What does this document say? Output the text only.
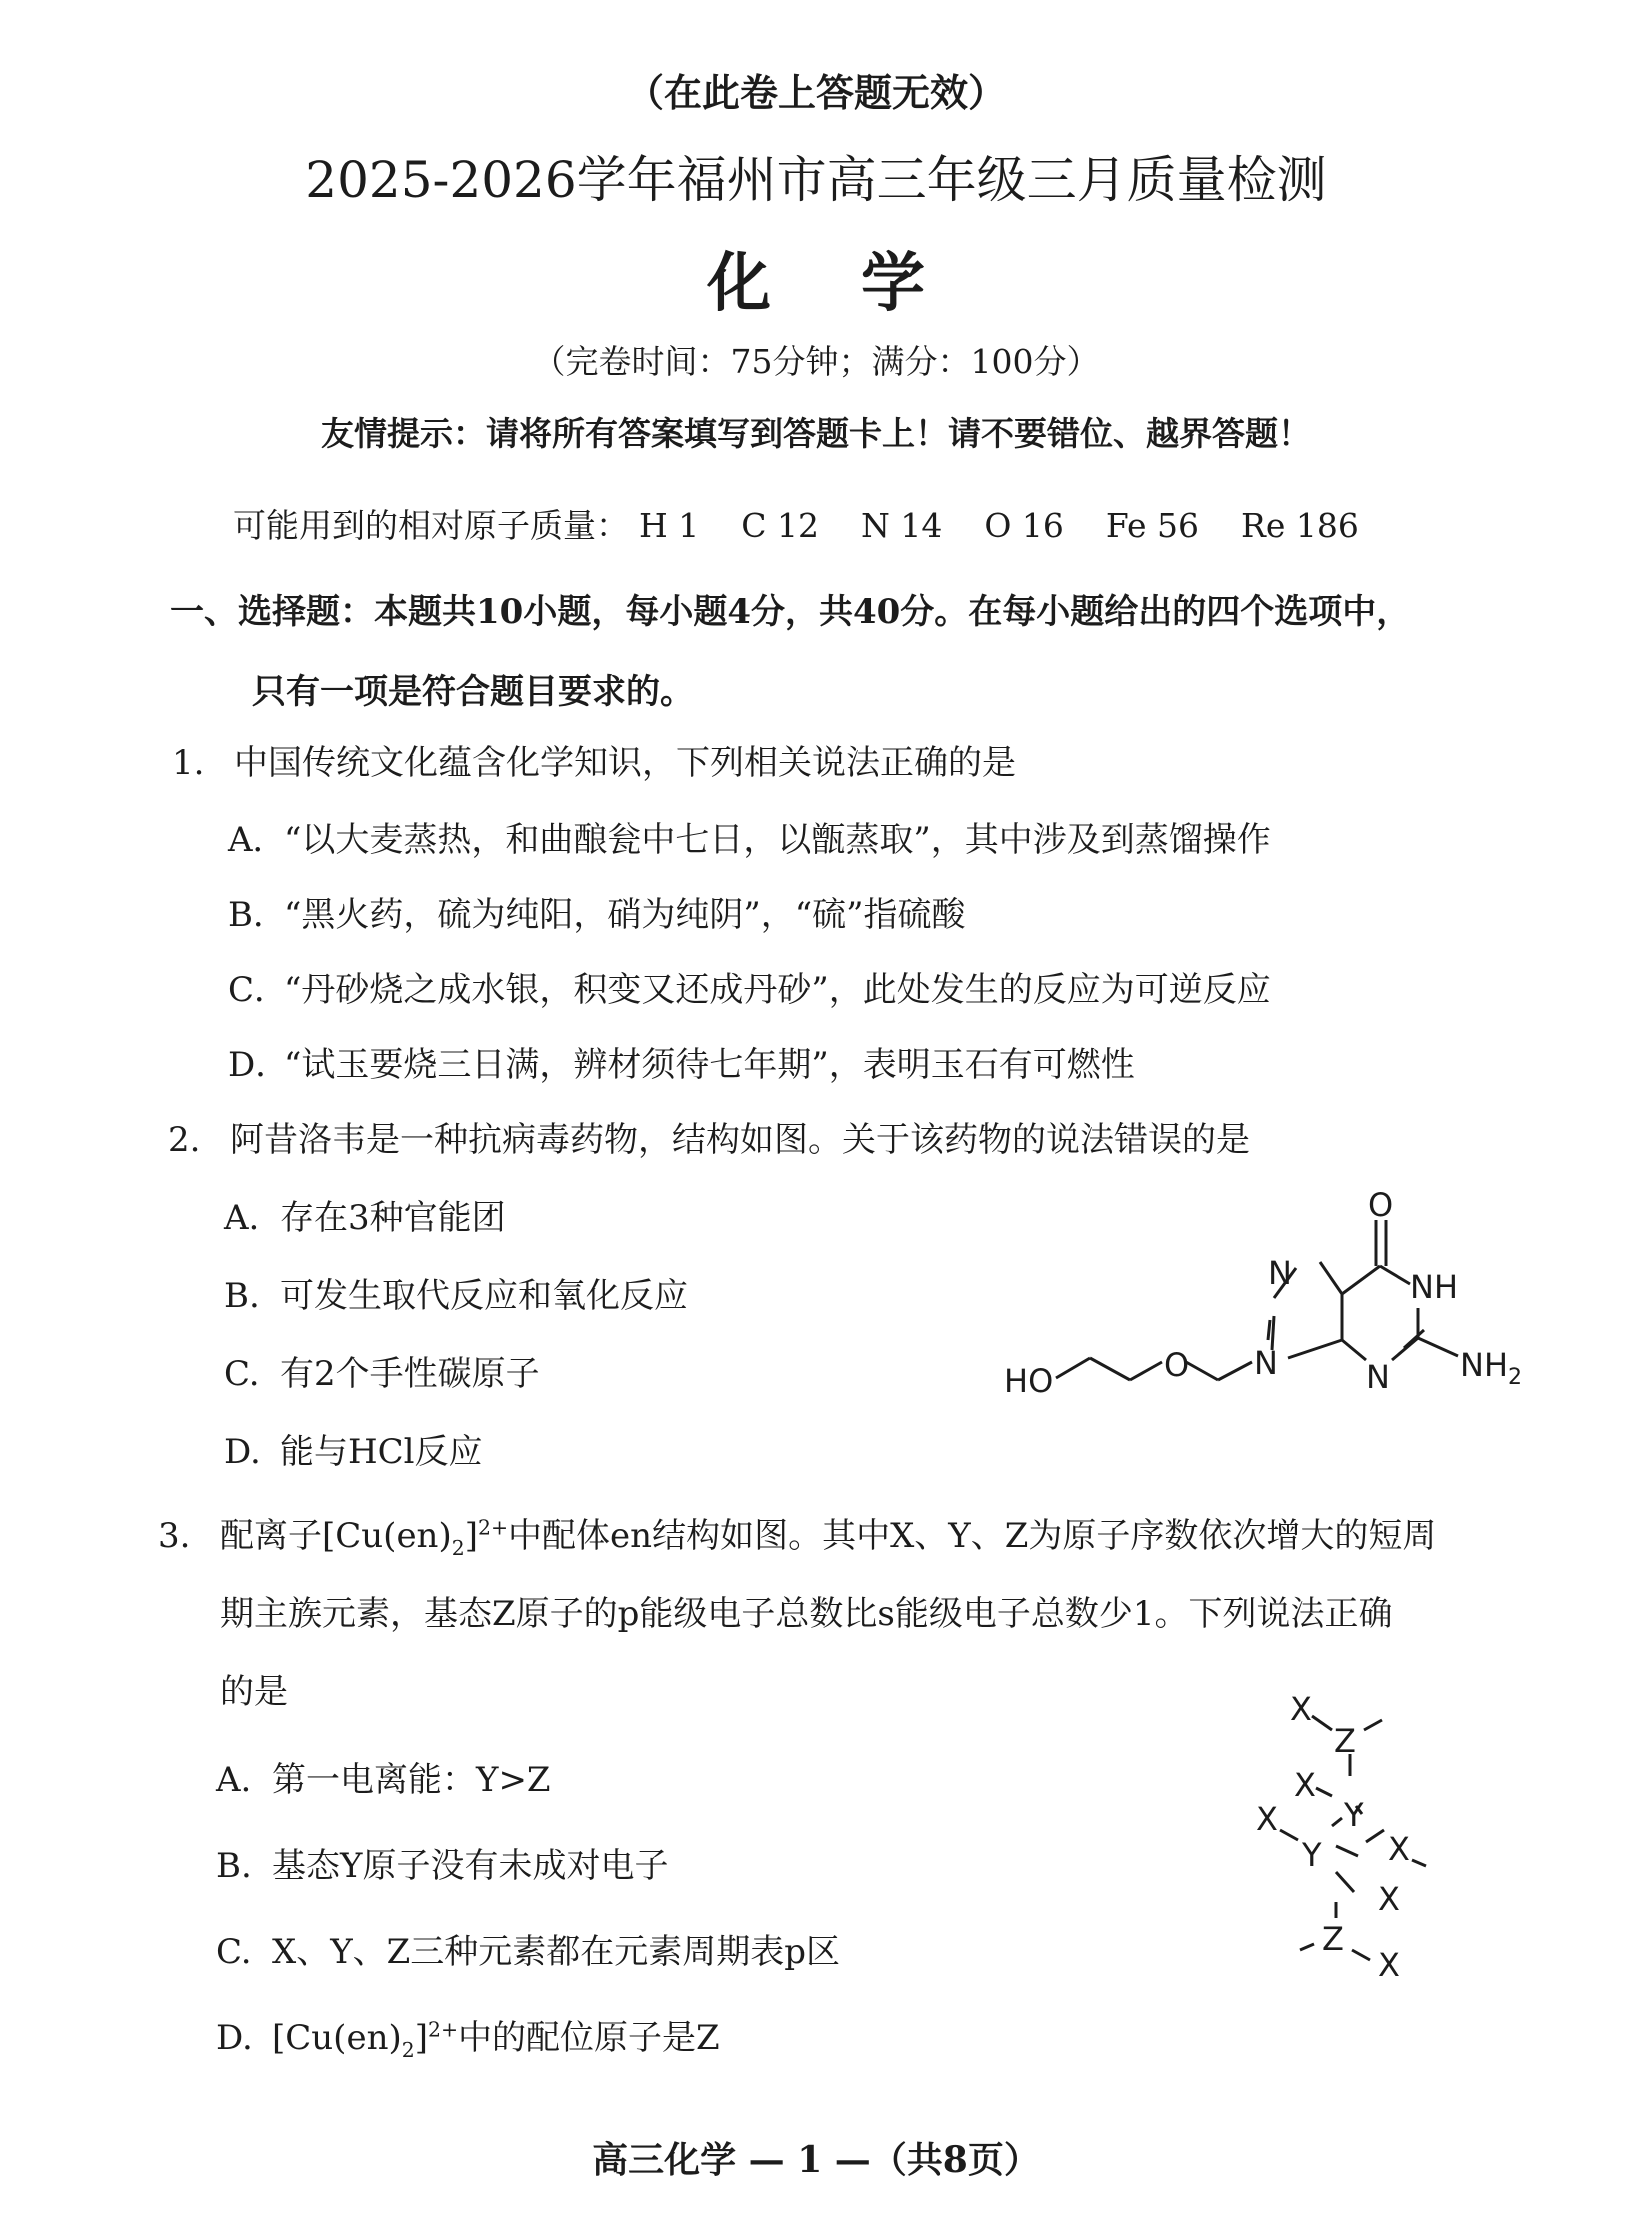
（在此卷上答题无效）
2025-2026学年福州市高三年级三月质量检测
化学
（完卷时间：75分钟；满分：100分）
友情提示：请将所有答案填写到答题卡上！请不要错位、越界答题！
可能用到的相对原子质量： H 1 C 12 N 14 O 16 Fe 56 Re 186
一、选择题：本题共10小题，每小题4分，共40分。在每小题给出的四个选项中，
只有一项是符合题目要求的。
1. 中国传统文化蕴含化学知识，下列相关说法正确的是
A．“以大麦蒸热，和曲酿瓮中七日，以甑蒸取”，其中涉及到蒸馏操作
B．“黑火药，硫为纯阳，硝为纯阴”，“硫”指硫酸
C．“丹砂烧之成水银，积变又还成丹砂”，此处发生的反应为可逆反应
D．“试玉要烧三日满，辨材须待七年期”，表明玉石有可燃性
2. 阿昔洛韦是一种抗病毒药物，结构如图。关于该药物的说法错误的是
A. 存在3种官能团
B. 可发生取代反应和氧化反应
C. 有2个手性碳原子
D. 能与HCl反应
HO	O N
N
N
NH
$NH_2$
O
3. 配离子$[Cu(en)_2]^{2+}$中配体en结构如图。其中X、Y、Z为原子序数依次增大的短周
期主族元素，基态Z原子的p能级电子总数比s能级电子总数少1。下列说法正确
的是
A. 第一电离能：Y>Z
B. 基态Y原子没有未成对电子
C. X、Y、Z三种元素都在元素周期表p区
D. $[Cu(en)_2]^{2+}$中的配位原子是Z
X
Z
X
Y
X
Y X
X
Z
X
高三化学 — 1 —（共8页）
